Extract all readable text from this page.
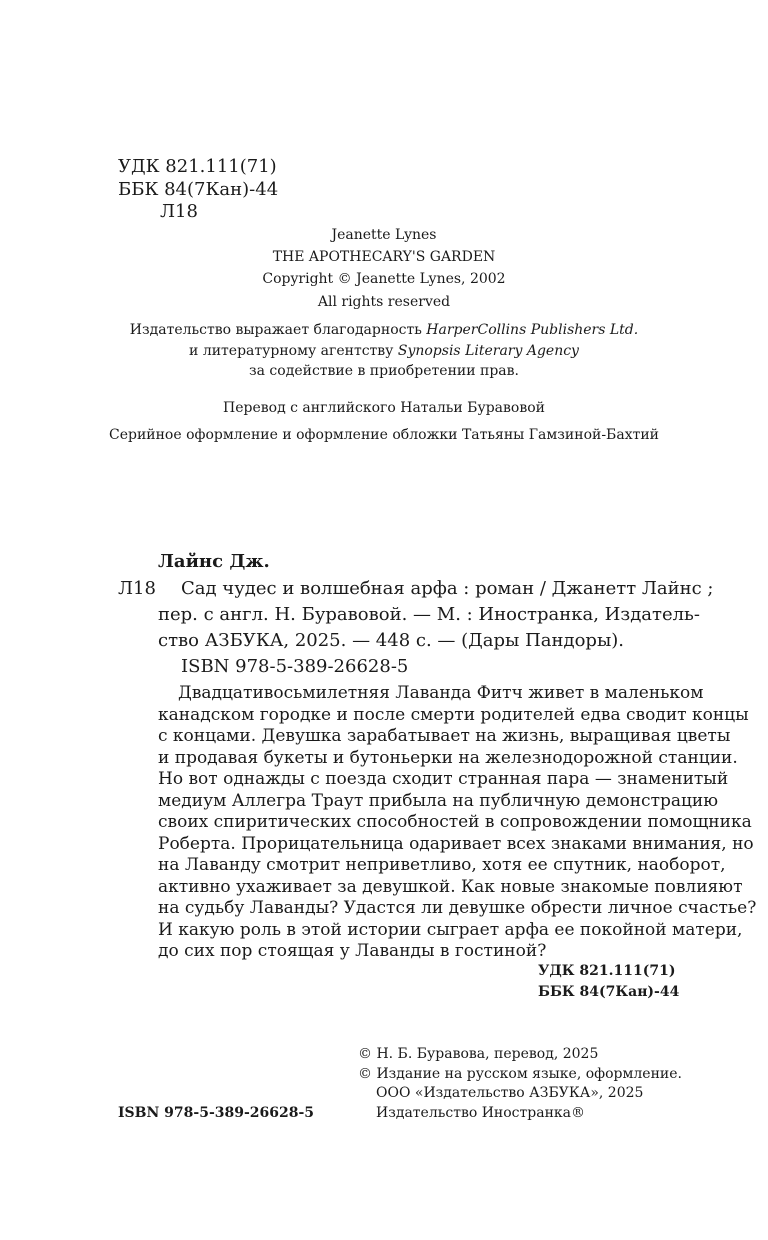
УДК 821.111(71)
ББК 84(7Кан)-44
Л18
Jeanette Lynes
THE APOTHECARY'S GARDEN
Copyright © Jeanette Lynes, 2002
All rights reserved
Издательство выражает благодарность HarperCollins Publishers Ltd.
и литературному агентству Synopsis Literary Agency
за содействие в приобретении прав.
Перевод с английского Натальи Буравовой
Серийное оформление и оформление обложки Татьяны Гамзиной-Бахтий
Лайнс Дж.
Л18 Сад чудес и волшебная арфа : роман / Джанетт Лайнс ;
пер. с англ. Н. Буравовой. — М. : Иностранка, Издатель-
ство АЗБУКА, 2025. — 448 с. — (Дары Пандоры).
ISBN 978-5-389-26628-5
Двадцативосьмилетняя Лаванда Фитч живет в маленьком
канадском городке и после смерти родителей едва сводит концы
с концами. Девушка зарабатывает на жизнь, выращивая цветы
и продавая букеты и бутоньерки на железнодорожной станции.
Но вот однажды с поезда сходит странная пара — знаменитый
медиум Аллегра Траут прибыла на публичную демонстрацию
своих спиритических способностей в сопровождении помощника
Роберта. Прорицательница одаривает всех знаками внимания, но
на Лаванду смотрит неприветливо, хотя ее спутник, наоборот,
активно ухаживает за девушкой. Как новые знакомые повлияют
на судьбу Лаванды? Удастся ли девушке обрести личное счастье?
И какую роль в этой истории сыграет арфа ее покойной матери,
до сих пор стоящая у Лаванды в гостиной?
УДК 821.111(71)
ББК 84(7Кан)-44
© Н. Б. Буравова, перевод, 2025
© Издание на русском языке, оформление.
ООО «Издательство АЗБУКА», 2025
Издательство Иностранка®
ISBN 978-5-389-26628-5
